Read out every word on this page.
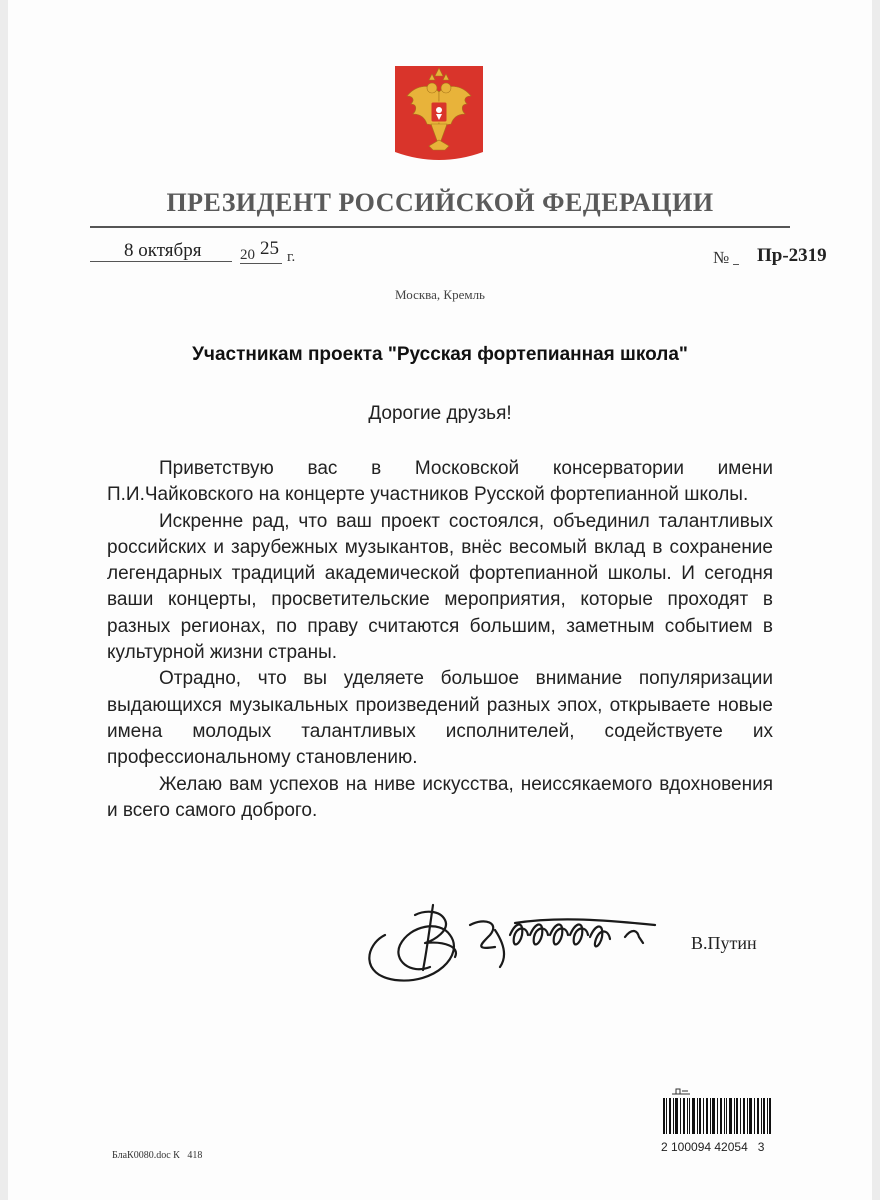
ПРЕЗИДЕНТ РОССИЙСКОЙ ФЕДЕРАЦИИ
8 октября	20 25 г.	№ Пр-2319
Москва, Кремль
Участникам проекта "Русская фортепианная школа"
Дорогие друзья!

Приветствую вас в Московской консерватории имени П.И.Чайковского на концерте участников Русской фортепианной школы.

Искренне рад, что ваш проект состоялся, объединил талантливых российских и зарубежных музыкантов, внёс весомый вклад в сохранение легендарных традиций академической фортепианной школы. И сегодня ваши концерты, просветительские мероприятия, которые проходят в разных регионах, по праву считаются большим, заметным событием в культурной жизни страны.

Отрадно, что вы уделяете большое внимание популяризации выдающихся музыкальных произведений разных эпох, открываете новые имена молодых талантливых исполнителей, содействуете их профессиональному становлению.

Желаю вам успехов на ниве искусства, неиссякаемого вдохновения и всего самого доброго.

В.Путин
2 100094 42054   3
БлаК0080.doc К   418
